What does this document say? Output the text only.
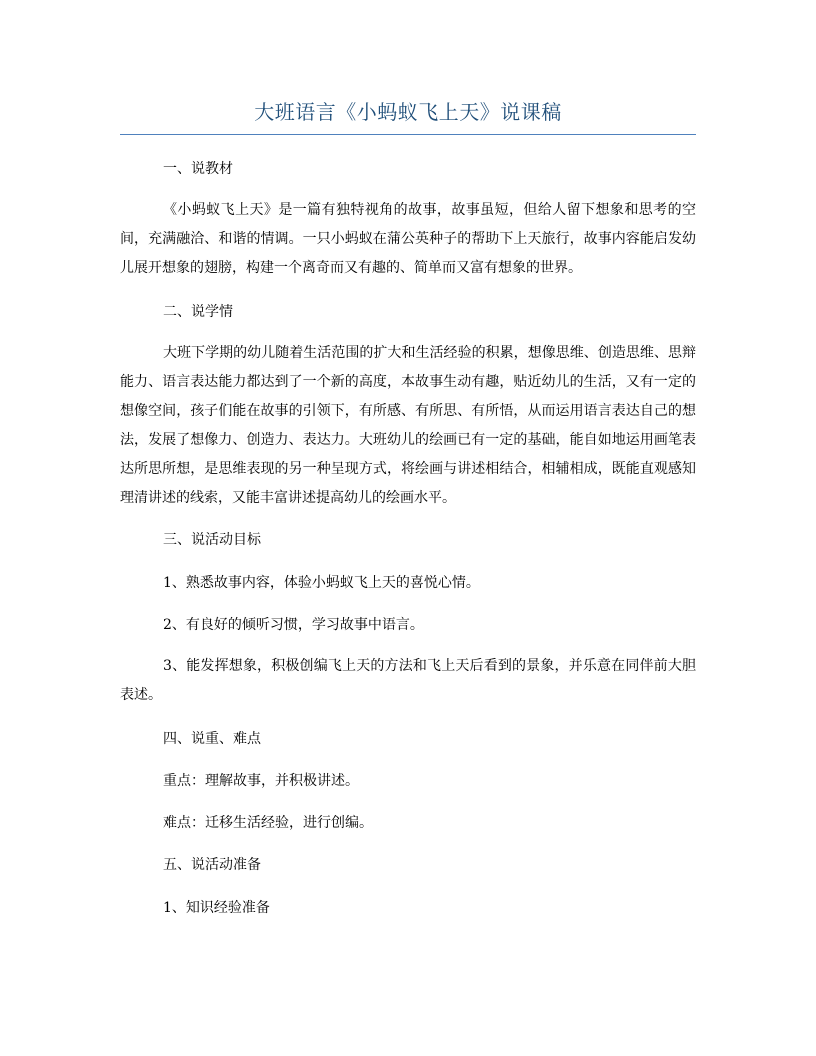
大班语言《小蚂蚁飞上天》说课稿
一、说教材
《小蚂蚁飞上天》是一篇有独特视角的故事，故事虽短，但给人留下想象和思考的空间，充满融洽、和谐的情调。一只小蚂蚁在蒲公英种子的帮助下上天旅行，故事内容能启发幼儿展开想象的翅膀，构建一个离奇而又有趣的、简单而又富有想象的世界。
二、说学情
大班下学期的幼儿随着生活范围的扩大和生活经验的积累，想像思维、创造思维、思辩能力、语言表达能力都达到了一个新的高度，本故事生动有趣，贴近幼儿的生活，又有一定的想像空间，孩子们能在故事的引领下，有所感、有所思、有所悟，从而运用语言表达自己的想法，发展了想像力、创造力、表达力。大班幼儿的绘画已有一定的基础，能自如地运用画笔表达所思所想，是思维表现的另一种呈现方式，将绘画与讲述相结合，相辅相成，既能直观感知理清讲述的线索，又能丰富讲述提高幼儿的绘画水平。
三、说活动目标
1、熟悉故事内容，体验小蚂蚁飞上天的喜悦心情。
2、有良好的倾听习惯，学习故事中语言。
3、能发挥想象，积极创编飞上天的方法和飞上天后看到的景象，并乐意在同伴前大胆表述。
四、说重、难点
重点：理解故事，并积极讲述。
难点：迁移生活经验，进行创编。
五、说活动准备
1、知识经验准备
